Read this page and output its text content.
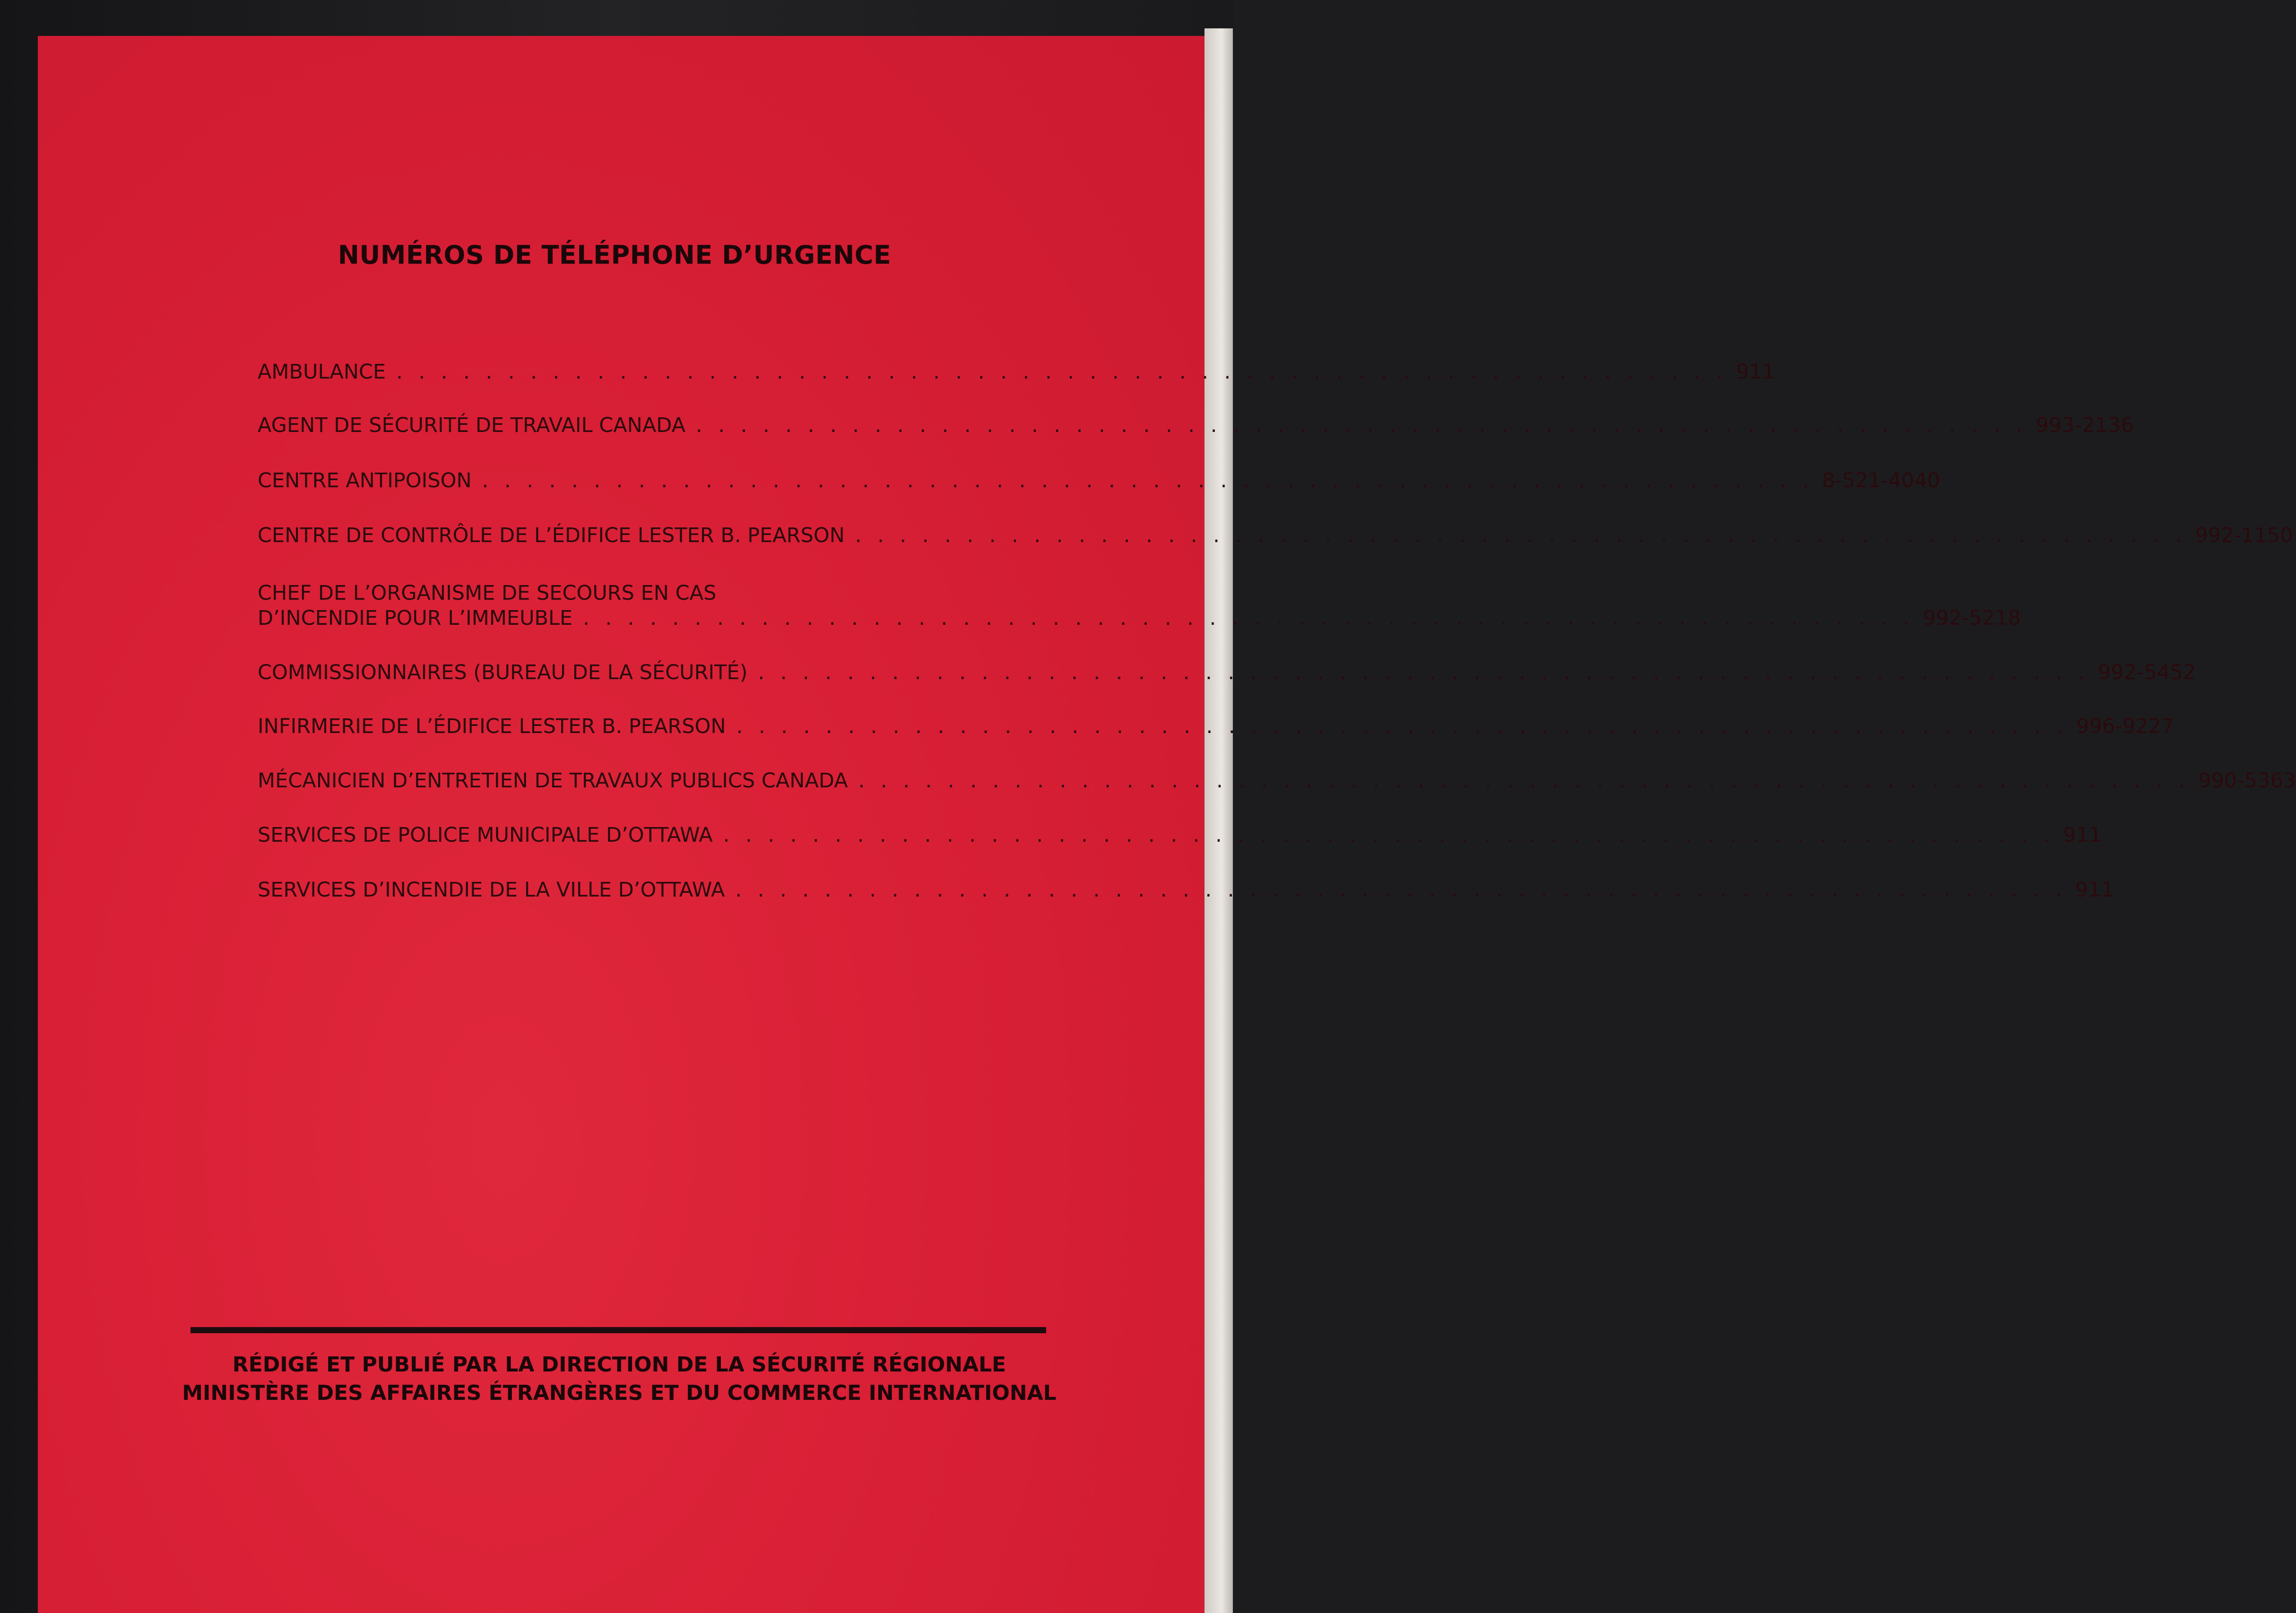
NUMÉROS DE TÉLÉPHONE D’URGENCE
AMBULANCE . . . . . . . . . . . . . . . . . . . . . . . . . . . . . . . . . . . . . . . . . . . . . . . . . . . . . . . . . . . . 911
AGENT DE SÉCURITÉ DE TRAVAIL CANADA . . . . . . . . . . . . . . . . . . . . . . . . . . . . . . . . . . . . . . . . . . . . . . . . . . . . . . . . . . . . 993-2136
CENTRE ANTIPOISON . . . . . . . . . . . . . . . . . . . . . . . . . . . . . . . . . . . . . . . . . . . . . . . . . . . . . . . . . . . . 8-521-4040
CENTRE DE CONTRÔLE DE L’ÉDIFICE LESTER B. PEARSON . . . . . . . . . . . . . . . . . . . . . . . . . . . . . . . . . . . . . . . . . . . . . . . . . . . . . . . . . . . . 992-1150
CHEF DE L’ORGANISME DE SECOURS EN CAS
D’INCENDIE POUR L’IMMEUBLE . . . . . . . . . . . . . . . . . . . . . . . . . . . . . . . . . . . . . . . . . . . . . . . . . . . . . . . . . . . . 992-5218
COMMISSIONNAIRES (BUREAU DE LA SÉCURITÉ) . . . . . . . . . . . . . . . . . . . . . . . . . . . . . . . . . . . . . . . . . . . . . . . . . . . . . . . . . . . . 992-5452
INFIRMERIE DE L’ÉDIFICE LESTER B. PEARSON . . . . . . . . . . . . . . . . . . . . . . . . . . . . . . . . . . . . . . . . . . . . . . . . . . . . . . . . . . . . 996-9227
MÉCANICIEN D’ENTRETIEN DE TRAVAUX PUBLICS CANADA . . . . . . . . . . . . . . . . . . . . . . . . . . . . . . . . . . . . . . . . . . . . . . . . . . . . . . . . . . . . 990-5363
SERVICES DE POLICE MUNICIPALE D’OTTAWA . . . . . . . . . . . . . . . . . . . . . . . . . . . . . . . . . . . . . . . . . . . . . . . . . . . . . . . . . . . . 911
SERVICES D’INCENDIE DE LA VILLE D’OTTAWA . . . . . . . . . . . . . . . . . . . . . . . . . . . . . . . . . . . . . . . . . . . . . . . . . . . . . . . . . . . . 911
RÉDIGÉ ET PUBLIÉ PAR LA DIRECTION DE LA SÉCURITÉ RÉGIONALE
MINISTÈRE DES AFFAIRES ÉTRANGÈRES ET DU COMMERCE INTERNATIONAL
